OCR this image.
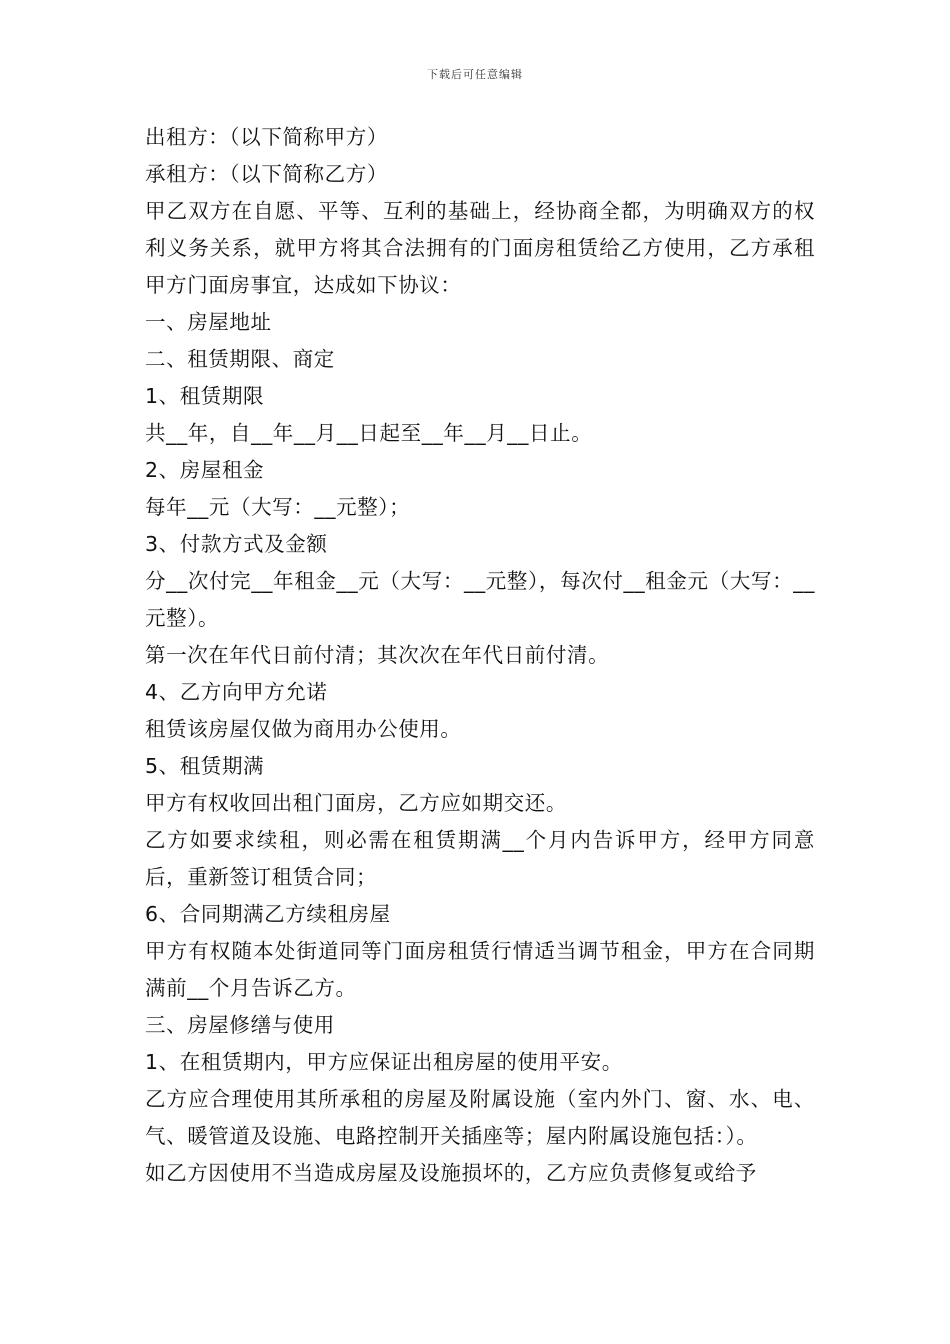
下载后可任意编辑

出租方：（以下简称甲方）

承租方：（以下简称乙方）

甲乙双方在自愿、平等、互利的基础上，经协商全都，为明确双方的权利义务关系，就甲方将其合法拥有的门面房租赁给乙方使用，乙方承租甲方门面房事宜，达成如下协议：

一、房屋地址

二、租赁期限、商定

1、租赁期限

共__年，自__年__月__日起至__年__月__日止。

2、房屋租金

每年__元（大写：__元整）；

3、付款方式及金额

分__次付完__年租金__元（大写：__元整），每次付__租金元（大写：__元整）。

第一次在年代日前付清；其次次在年代日前付清。

4、乙方向甲方允诺

租赁该房屋仅做为商用办公使用。

5、租赁期满

甲方有权收回出租门面房，乙方应如期交还。

乙方如要求续租，则必需在租赁期满__个月内告诉甲方，经甲方同意后，重新签订租赁合同；

6、合同期满乙方续租房屋

甲方有权随本处街道同等门面房租赁行情适当调节租金，甲方在合同期满前__个月告诉乙方。

三、房屋修缮与使用

1、在租赁期内，甲方应保证出租房屋的使用平安。

乙方应合理使用其所承租的房屋及附属设施（室内外门、窗、水、电、气、暖管道及设施、电路控制开关插座等；屋内附属设施包括：）。

如乙方因使用不当造成房屋及设施损坏的，乙方应负责修复或给予
